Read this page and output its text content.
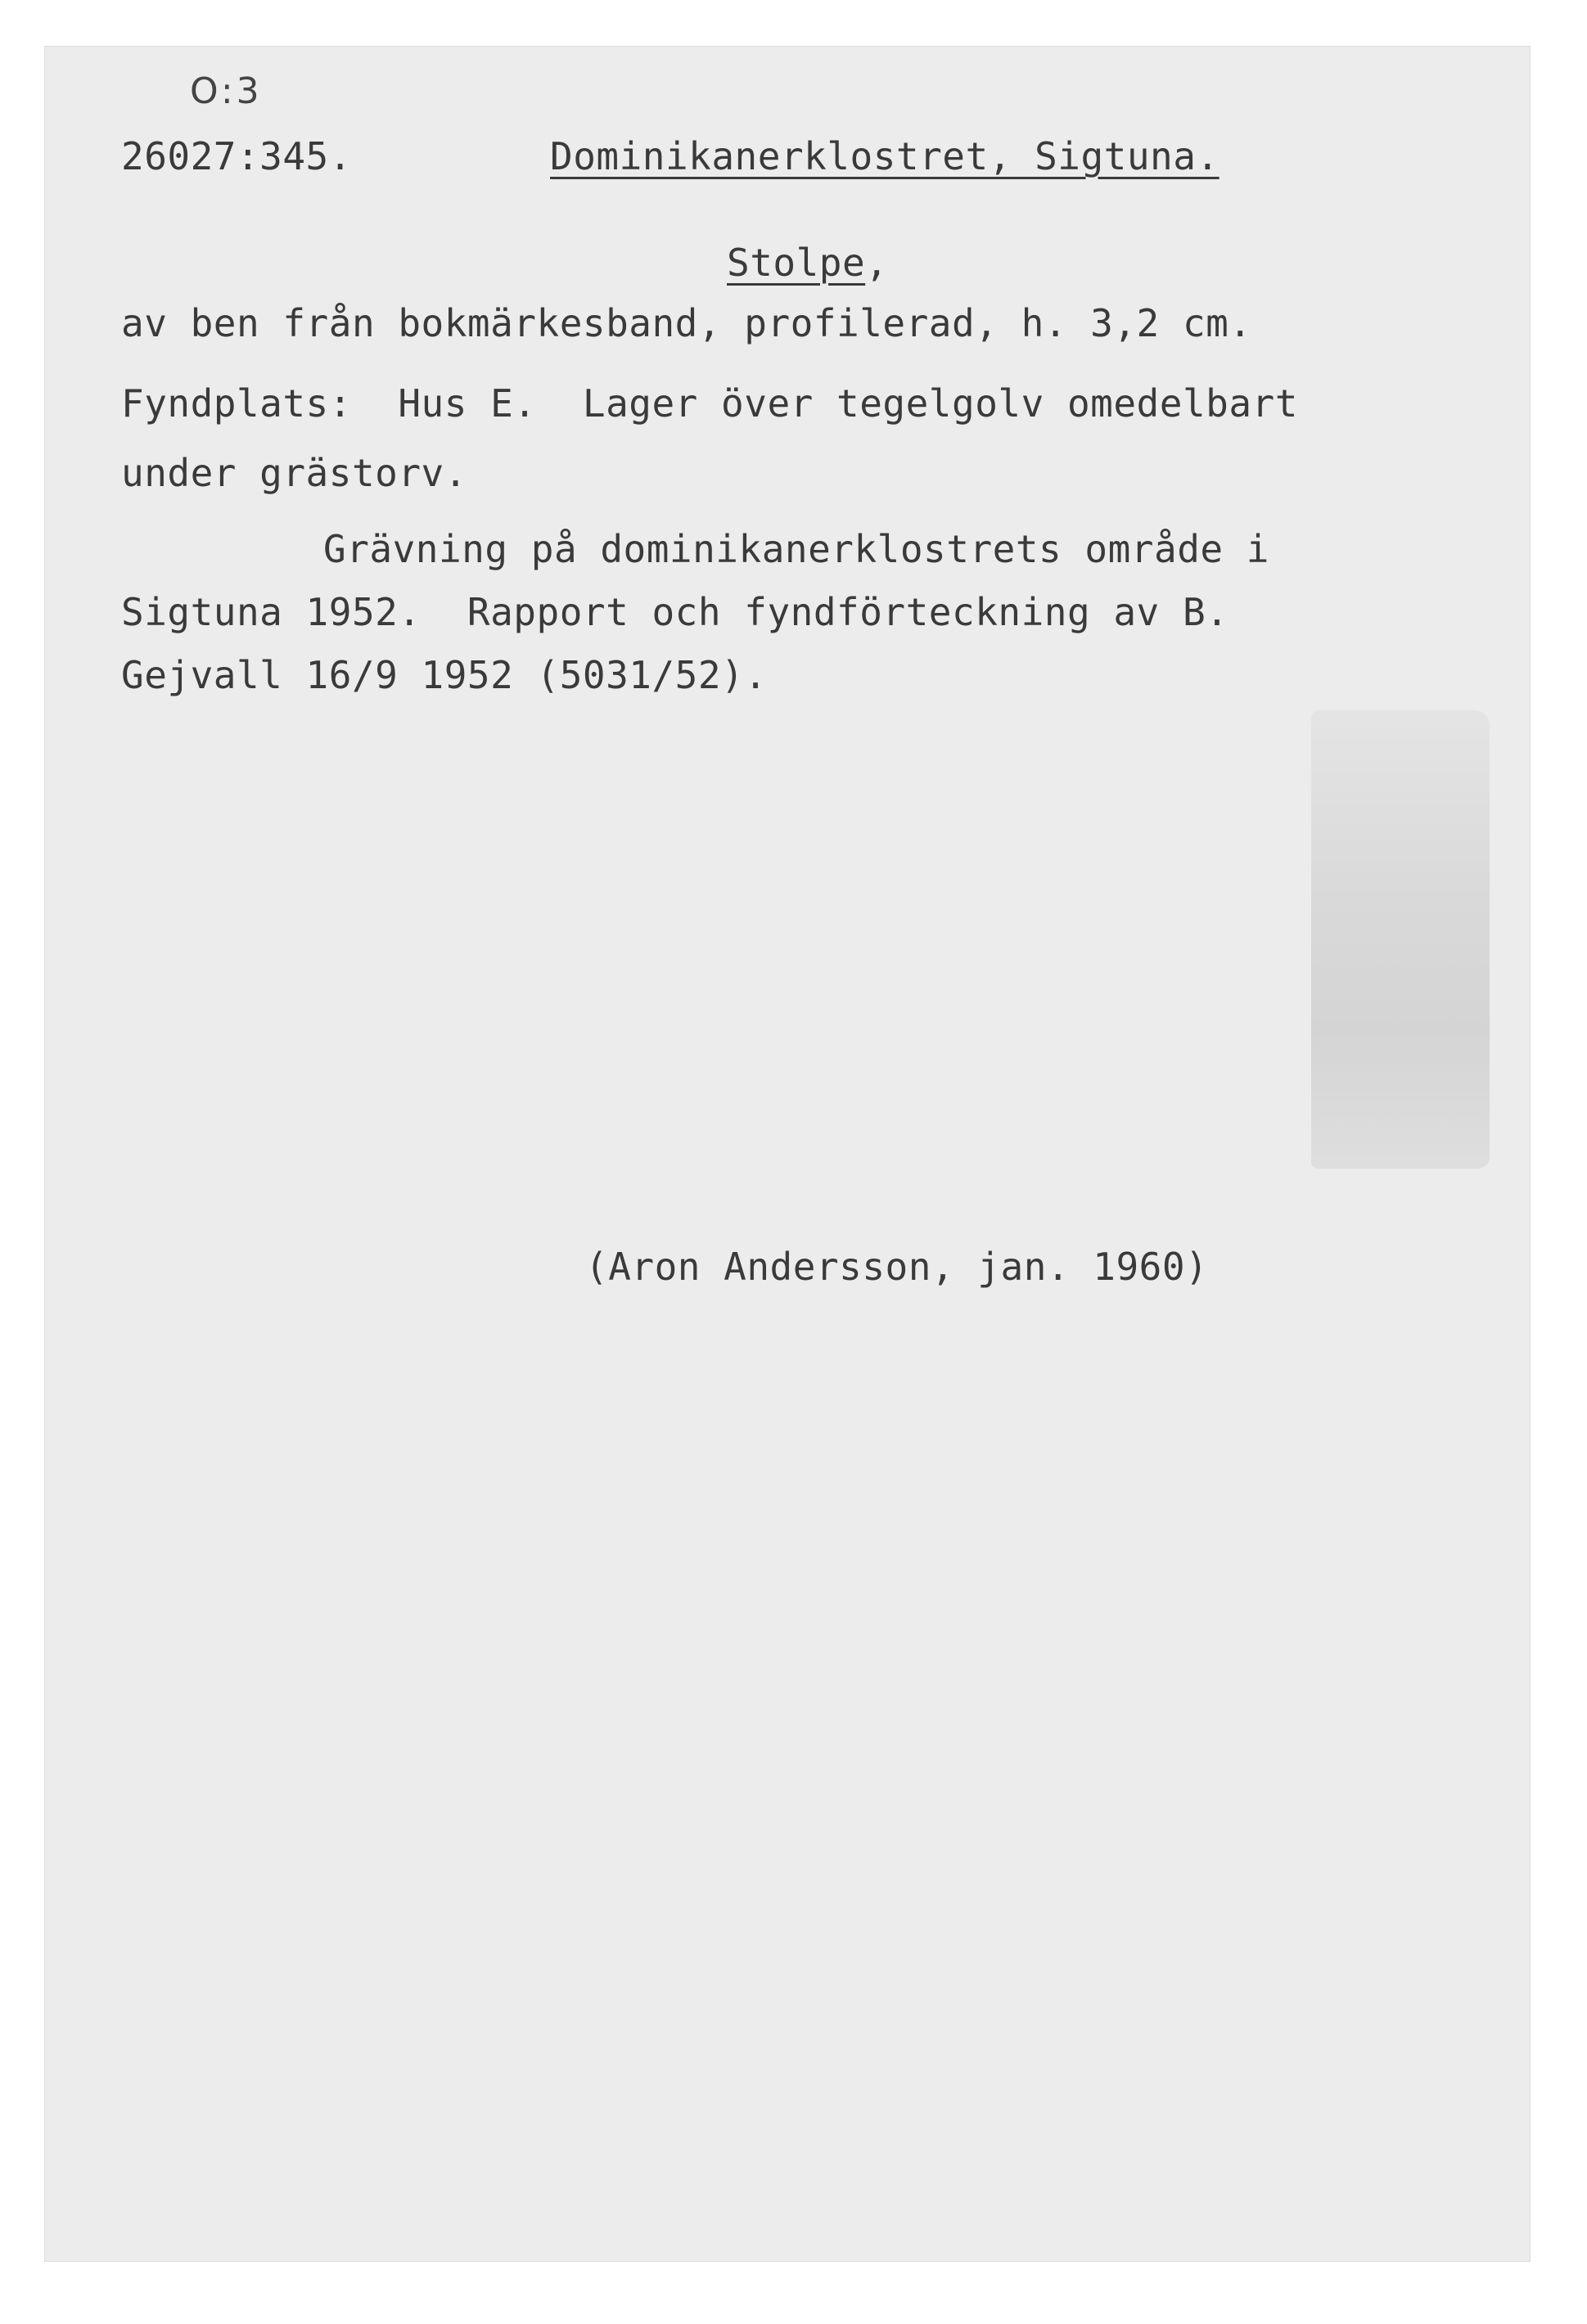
O:3
26027:345.	Dominikanerklostret, Sigtuna.
Stolpe,
av ben från bokmärkesband, profilerad, h. 3,2 cm.
Fyndplats:  Hus E.  Lager över tegelgolv omedelbart
under grästorv.
Grävning på dominikanerklostrets område i
Sigtuna 1952.  Rapport och fyndförteckning av B.
Gejvall 16/9 1952 (5031/52).
(Aron Andersson, jan. 1960)
